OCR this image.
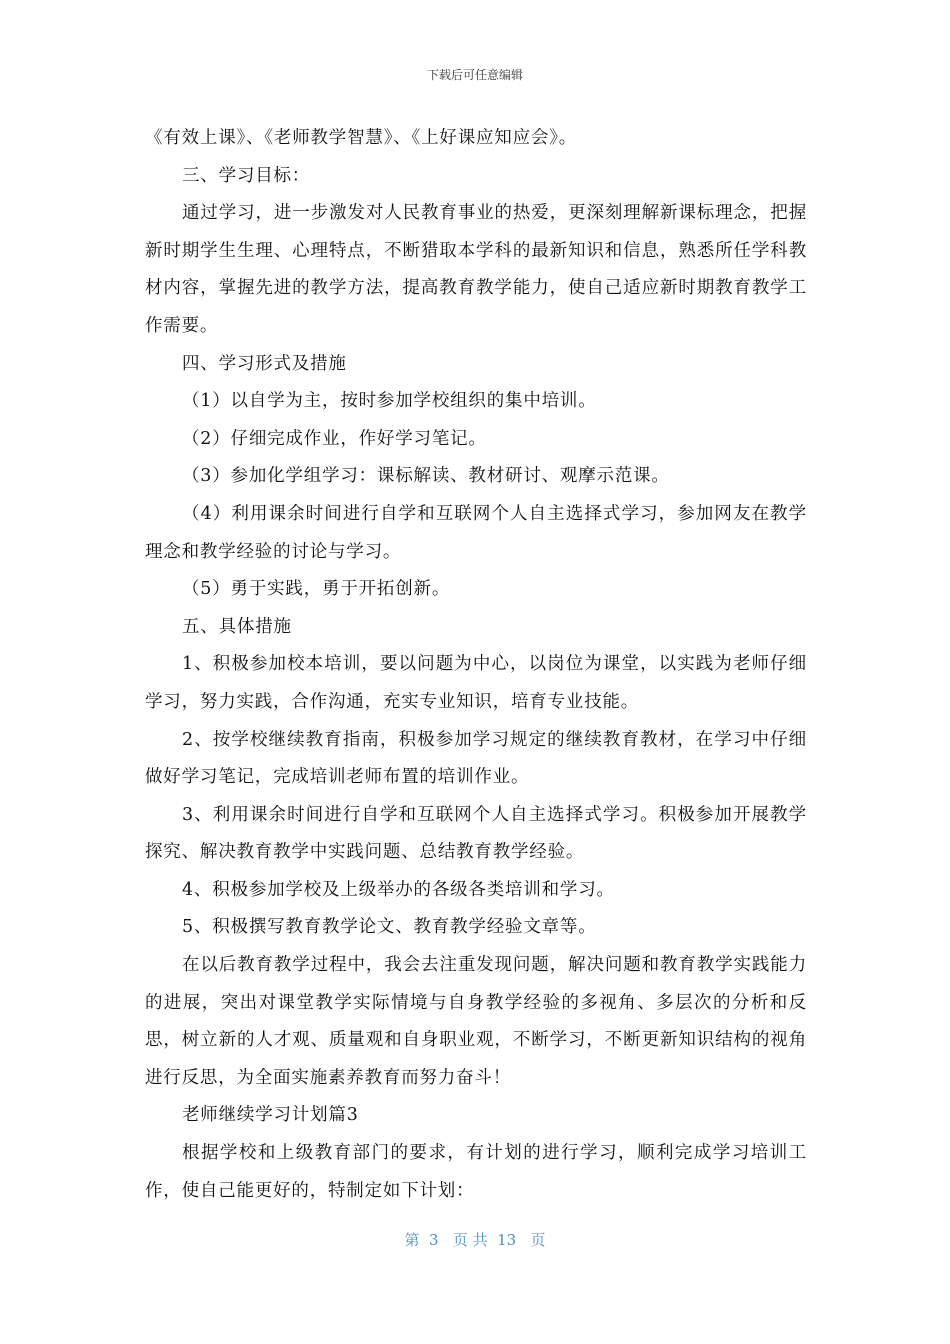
下载后可任意编辑

《有效上课》、《老师教学智慧》、《上好课应知应会》。

三、学习目标：

通过学习，进一步激发对人民教育事业的热爱，更深刻理解新课标理念，把握新时期学生生理、心理特点，不断猎取本学科的最新知识和信息，熟悉所任学科教材内容，掌握先进的教学方法，提高教育教学能力，使自己适应新时期教育教学工作需要。

四、学习形式及措施

（1）以自学为主，按时参加学校组织的集中培训。

（2）仔细完成作业，作好学习笔记。

（3）参加化学组学习：课标解读、教材研讨、观摩示范课。

（4）利用课余时间进行自学和互联网个人自主选择式学习，参加网友在教学理念和教学经验的讨论与学习。

（5）勇于实践，勇于开拓创新。

五、具体措施

1、积极参加校本培训，要以问题为中心，以岗位为课堂，以实践为老师仔细学习，努力实践，合作沟通，充实专业知识，培育专业技能。

2、按学校继续教育指南，积极参加学习规定的继续教育教材，在学习中仔细做好学习笔记，完成培训老师布置的培训作业。

3、利用课余时间进行自学和互联网个人自主选择式学习。积极参加开展教学探究、解决教育教学中实践问题、总结教育教学经验。

4、积极参加学校及上级举办的各级各类培训和学习。

5、积极撰写教育教学论文、教育教学经验文章等。

在以后教育教学过程中，我会去注重发现问题，解决问题和教育教学实践能力的进展，突出对课堂教学实际情境与自身教学经验的多视角、多层次的分析和反思，树立新的人才观、质量观和自身职业观，不断学习，不断更新知识结构的视角进行反思，为全面实施素养教育而努力奋斗！

老师继续学习计划篇3

根据学校和上级教育部门的要求，有计划的进行学习，顺利完成学习培训工作，使自己能更好的，特制定如下计划：

第  3   页 共  13   页
